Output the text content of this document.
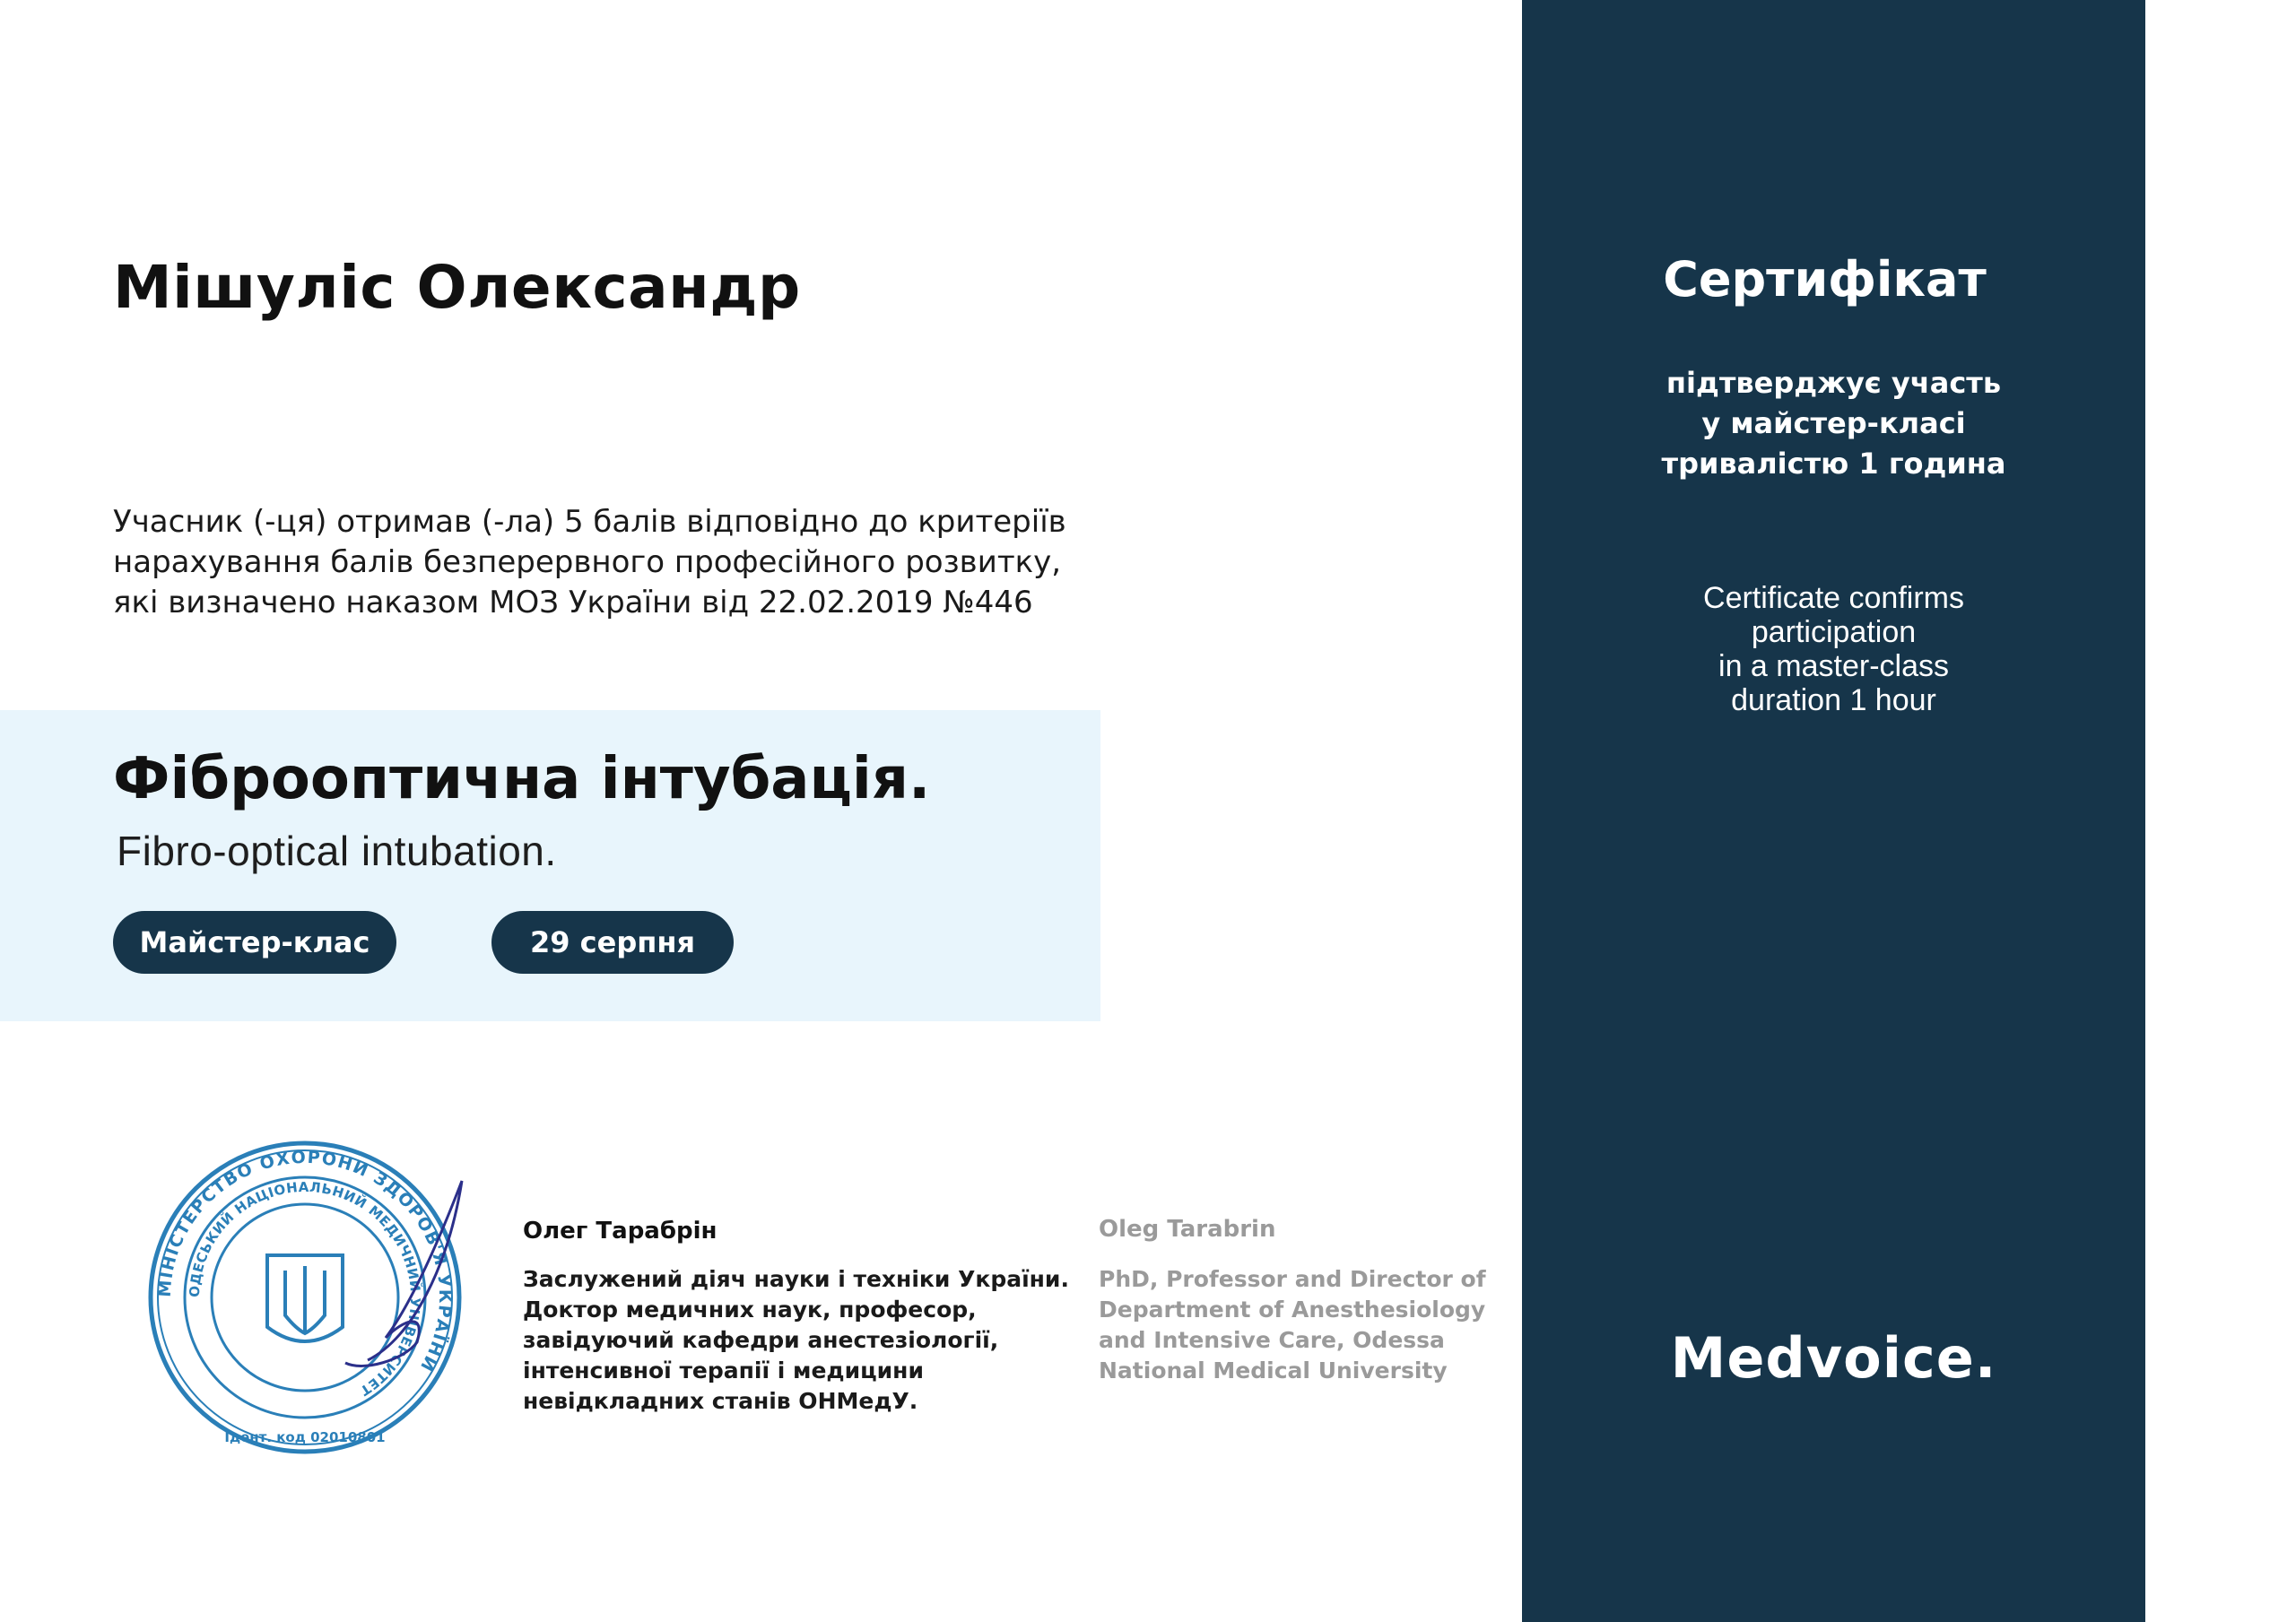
Мішуліс Олександр
Учасник (-ця) отримав (-ла) 5 балів відповідно до критеріїв
нарахування балів безперервного професійного розвитку,
які визначено наказом МОЗ України від 22.02.2019 №446
Фіброоптична інтубація.
Fibro-optical intubation.
Майстер-клас	29 серпня
МІНІСТЕРСТВО ОХОРОНИ ЗДОРОВ'Я УКРАЇНИ
ОДЕСЬКИЙ НАЦІОНАЛЬНИЙ МЕДИЧНИЙ УНІВЕРСИТЕТ
Ідент. код 02010801
Олег Тарабрін
Заслужений діяч науки і техніки України.
Доктор медичних наук, професор,
завідуючий кафедри анестезіології,
інтенсивної терапії і медицини
невідкладних станів ОНМедУ.
Oleg Tarabrin
PhD, Professor and Director of
Department of Anesthesiology
and Intensive Care, Odessa
National Medical University
Сертифікат
підтверджує участь
у майстер-класі
тривалістю 1 година
Certificate confirms
participation
in a master-class
duration 1 hour
Medvoice.
